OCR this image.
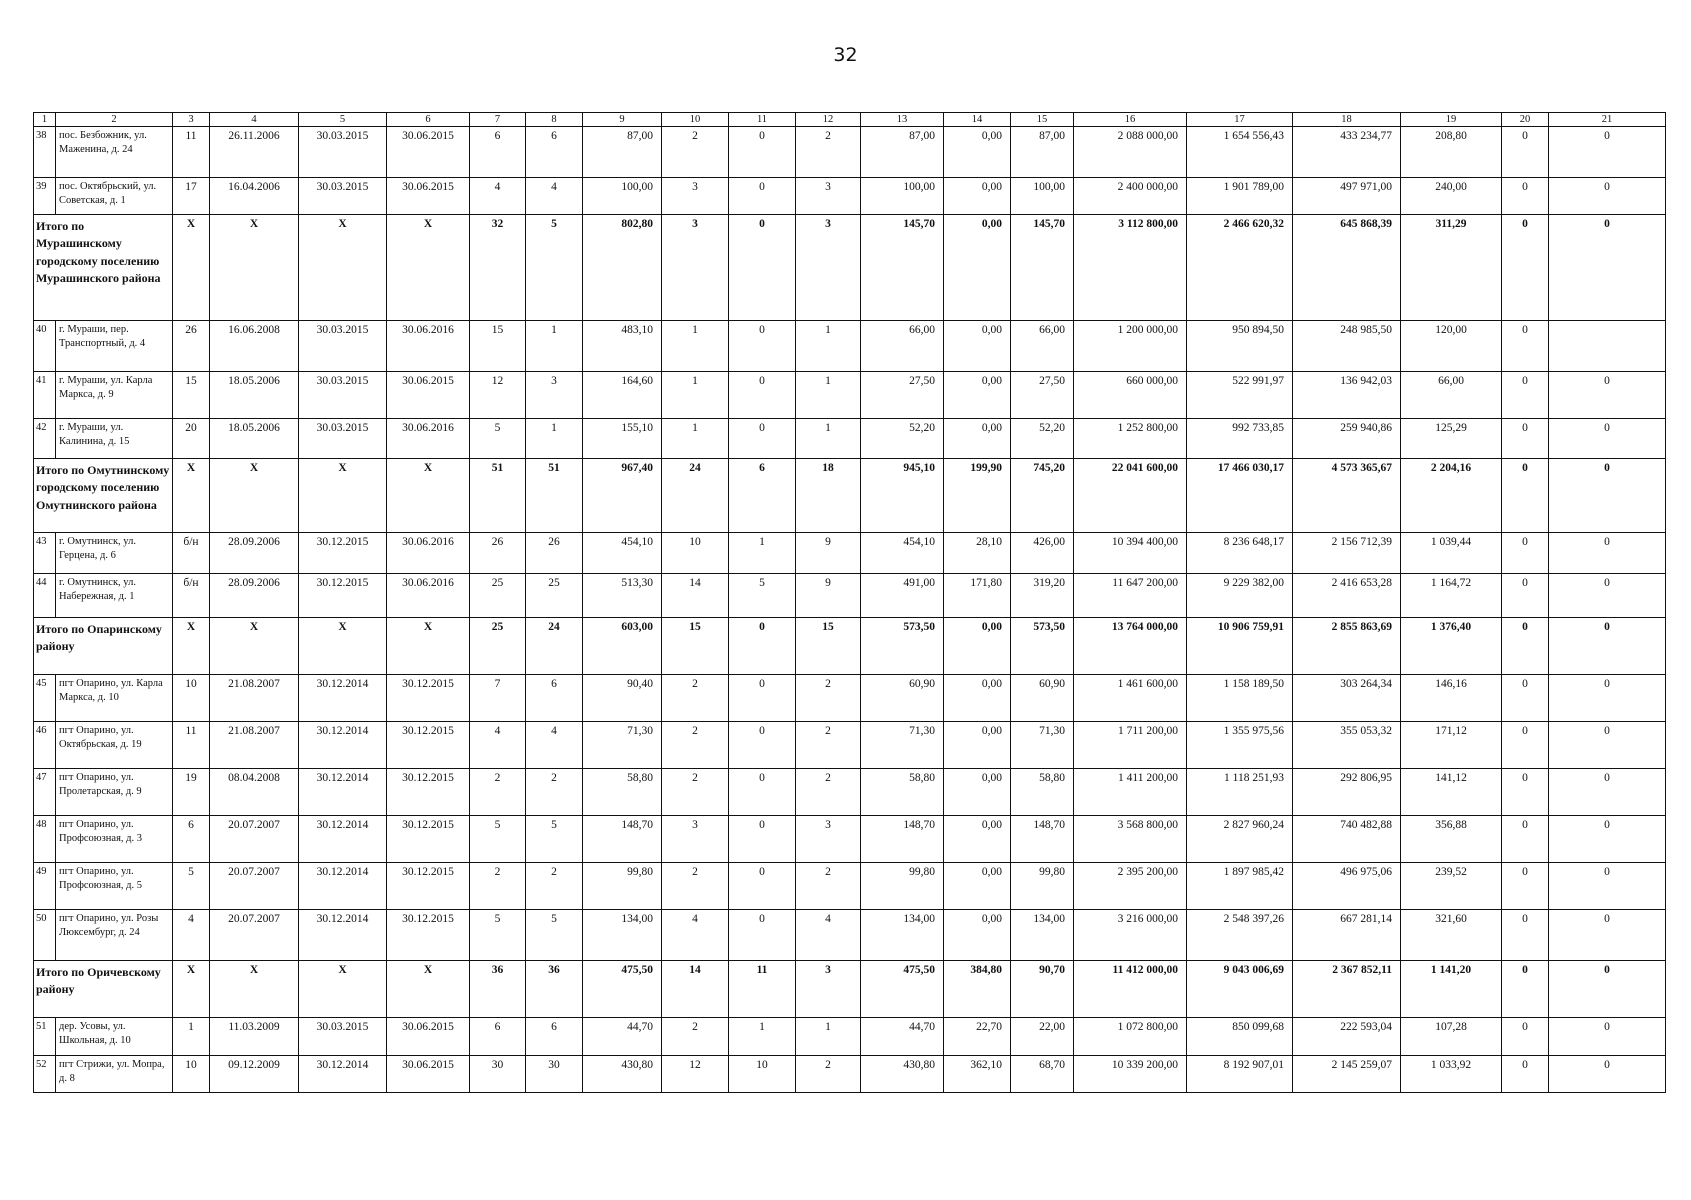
32
1	2	3	4	5	6	7	8	9	10	11	12	13	14	15	16	17	18	19	20	21
38	пос. Безбожник, ул. Маженина, д. 24	11	26.11.2006	30.03.2015	30.06.2015	6	6	87,00	2	0	2	87,00	0,00	87,00	2 088 000,00	1 654 556,43	433 234,77	208,80	0	0
39	пос. Октябрьский, ул. Советская, д. 1	17	16.04.2006	30.03.2015	30.06.2015	4	4	100,00	3	0	3	100,00	0,00	100,00	2 400 000,00	1 901 789,00	497 971,00	240,00	0	0
Итого по Мурашинскому городскому поселению Мурашинского района		X	X	X	X	32	5	802,80	3	0	3	145,70	0,00	145,70	3 112 800,00	2 466 620,32	645 868,39	311,29	0	0
40	г. Мураши, пер. Транспортный, д. 4	26	16.06.2008	30.03.2015	30.06.2016	15	1	483,10	1	0	1	66,00	0,00	66,00	1 200 000,00	950 894,50	248 985,50	120,00	0	
41	г. Мураши, ул. Карла Маркса, д. 9	15	18.05.2006	30.03.2015	30.06.2015	12	3	164,60	1	0	1	27,50	0,00	27,50	660 000,00	522 991,97	136 942,03	66,00	0	0
42	г. Мураши, ул. Калинина, д. 15	20	18.05.2006	30.03.2015	30.06.2016	5	1	155,10	1	0	1	52,20	0,00	52,20	1 252 800,00	992 733,85	259 940,86	125,29	0	0
Итого по Омутнинскому городскому поселению Омутнинского района		X	X	X	X	51	51	967,40	24	6	18	945,10	199,90	745,20	22 041 600,00	17 466 030,17	4 573 365,67	2 204,16	0	0
43	г. Омутнинск, ул. Герцена, д. 6	б/н	28.09.2006	30.12.2015	30.06.2016	26	26	454,10	10	1	9	454,10	28,10	426,00	10 394 400,00	8 236 648,17	2 156 712,39	1 039,44	0	0
44	г. Омутнинск, ул. Набережная, д. 1	б/н	28.09.2006	30.12.2015	30.06.2016	25	25	513,30	14	5	9	491,00	171,80	319,20	11 647 200,00	9 229 382,00	2 416 653,28	1 164,72	0	0
Итого по Опаринскому району		X	X	X	X	25	24	603,00	15	0	15	573,50	0,00	573,50	13 764 000,00	10 906 759,91	2 855 863,69	1 376,40	0	0
45	пгт Опарино, ул. Карла Маркса, д. 10	10	21.08.2007	30.12.2014	30.12.2015	7	6	90,40	2	0	2	60,90	0,00	60,90	1 461 600,00	1 158 189,50	303 264,34	146,16	0	0
46	пгт Опарино, ул. Октябрьская, д. 19	11	21.08.2007	30.12.2014	30.12.2015	4	4	71,30	2	0	2	71,30	0,00	71,30	1 711 200,00	1 355 975,56	355 053,32	171,12	0	0
47	пгт Опарино, ул. Пролетарская, д. 9	19	08.04.2008	30.12.2014	30.12.2015	2	2	58,80	2	0	2	58,80	0,00	58,80	1 411 200,00	1 118 251,93	292 806,95	141,12	0	0
48	пгт Опарино, ул. Профсоюзная, д. 3	6	20.07.2007	30.12.2014	30.12.2015	5	5	148,70	3	0	3	148,70	0,00	148,70	3 568 800,00	2 827 960,24	740 482,88	356,88	0	0
49	пгт Опарино, ул. Профсоюзная, д. 5	5	20.07.2007	30.12.2014	30.12.2015	2	2	99,80	2	0	2	99,80	0,00	99,80	2 395 200,00	1 897 985,42	496 975,06	239,52	0	0
50	пгт Опарино, ул. Розы Люксембург, д. 24	4	20.07.2007	30.12.2014	30.12.2015	5	5	134,00	4	0	4	134,00	0,00	134,00	3 216 000,00	2 548 397,26	667 281,14	321,60	0	0
Итого по Оричевскому району		X	X	X	X	36	36	475,50	14	11	3	475,50	384,80	90,70	11 412 000,00	9 043 006,69	2 367 852,11	1 141,20	0	0
51	дер. Усовы, ул. Школьная, д. 10	1	11.03.2009	30.03.2015	30.06.2015	6	6	44,70	2	1	1	44,70	22,70	22,00	1 072 800,00	850 099,68	222 593,04	107,28	0	0
52	пгт Стрижи, ул. Мопра, д. 8	10	09.12.2009	30.12.2014	30.06.2015	30	30	430,80	12	10	2	430,80	362,10	68,70	10 339 200,00	8 192 907,01	2 145 259,07	1 033,92	0	0
